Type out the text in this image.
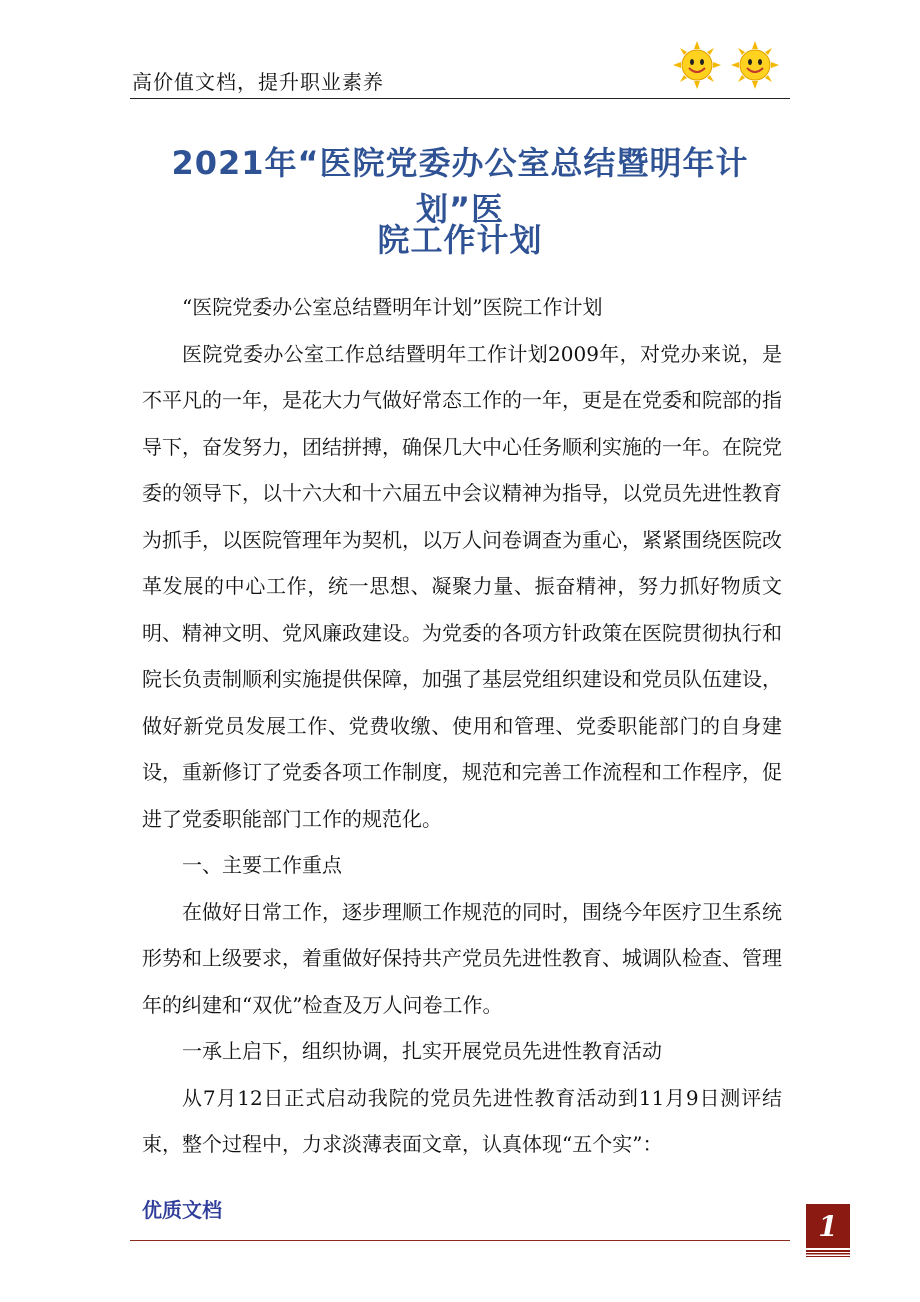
高价值文档，提升职业素养
2021年“医院党委办公室总结暨明年计划”医
院工作计划

“医院党委办公室总结暨明年计划”医院工作计划

医院党委办公室工作总结暨明年工作计划2009年，对党办来说，是不平凡的一年，是花大力气做好常态工作的一年，更是在党委和院部的指导下，奋发努力，团结拼搏，确保几大中心任务顺利实施的一年。在院党委的领导下，以十六大和十六届五中会议精神为指导，以党员先进性教育为抓手，以医院管理年为契机，以万人问卷调查为重心，紧紧围绕医院改革发展的中心工作，统一思想、凝聚力量、振奋精神，努力抓好物质文明、精神文明、党风廉政建设。为党委的各项方针政策在医院贯彻执行和院长负责制顺利实施提供保障，加强了基层党组织建设和党员队伍建设，做好新党员发展工作、党费收缴、使用和管理、党委职能部门的自身建设，重新修订了党委各项工作制度，规范和完善工作流程和工作程序，促进了党委职能部门工作的规范化。

一、主要工作重点

在做好日常工作，逐步理顺工作规范的同时，围绕今年医疗卫生系统形势和上级要求，着重做好保持共产党员先进性教育、城调队检查、管理年的纠建和“双优”检查及万人问卷工作。

一承上启下，组织协调，扎实开展党员先进性教育活动

从7月12日正式启动我院的党员先进性教育活动到11月9日测评结束，整个过程中，力求淡薄表面文章，认真体现“五个实”：

优质文档	1
